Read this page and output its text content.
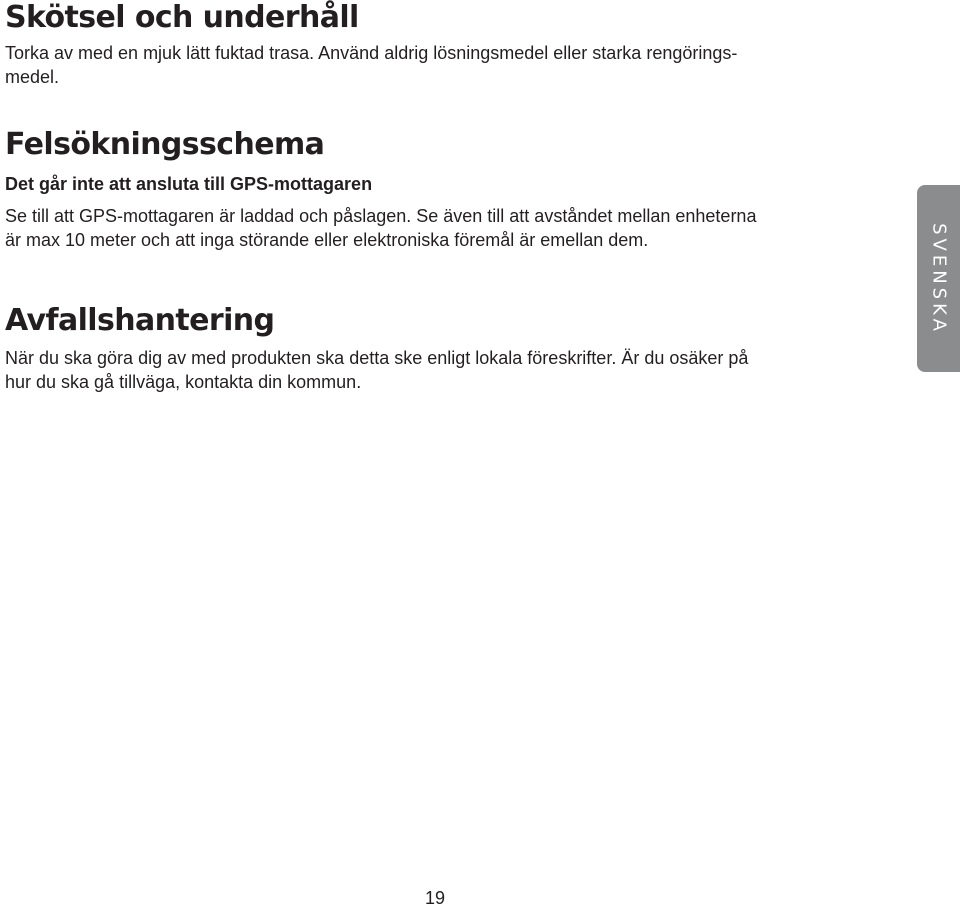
Skötsel och underhåll

Torka av med en mjuk lätt fuktad trasa. Använd aldrig lösningsmedel eller starka rengörings-
medel.

Felsökningsschema
Det går inte att ansluta till GPS-mottagaren

Se till att GPS-mottagaren är laddad och påslagen. Se även till att avståndet mellan enheterna
är max 10 meter och att inga störande eller elektroniska föremål är emellan dem.

Avfallshantering

När du ska göra dig av med produkten ska detta ske enligt lokala föreskrifter. Är du osäker på
hur du ska gå tillväga, kontakta din kommun.

SVENSKA
19
